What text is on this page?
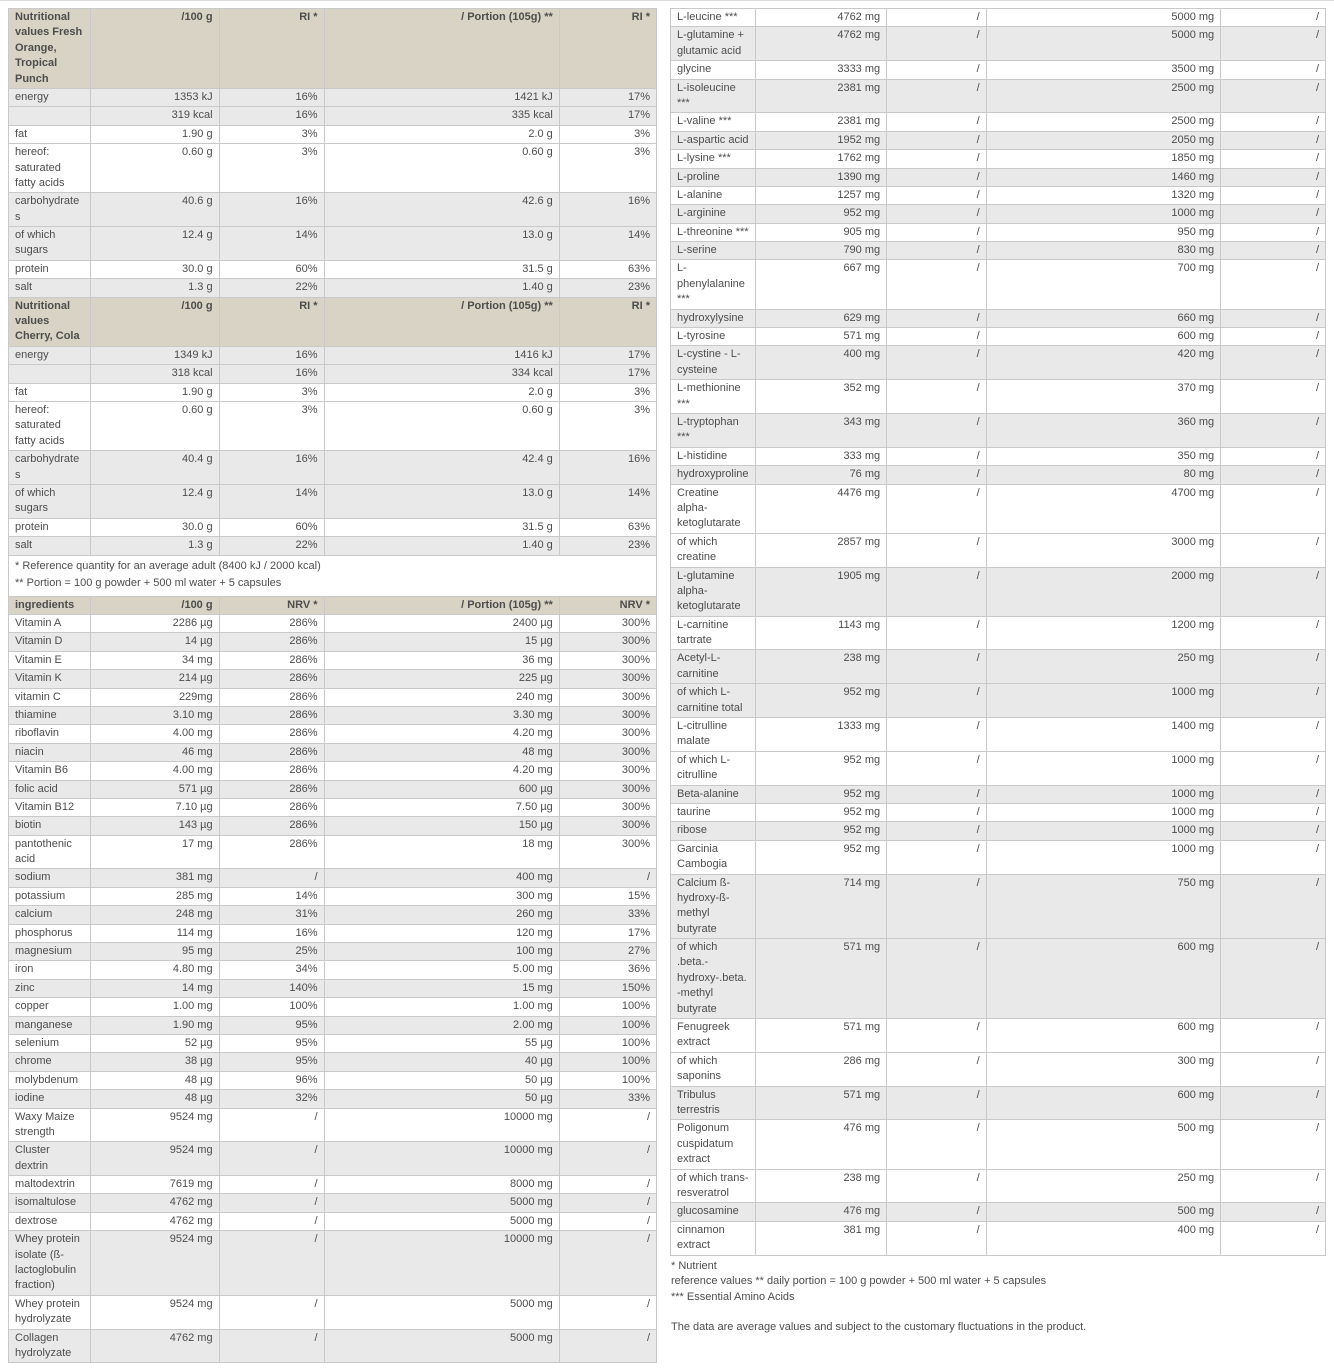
Nutritional values Fresh Orange, Tropical Punch	/100 g	RI *	/ Portion (105g) **	RI *
energy	1353 kJ	16%	1421 kJ	17%
	319 kcal	16%	335 kcal	17%
fat	1.90 g	3%	2.0 g	3%
hereof: saturated fatty acids	0.60 g	3%	0.60 g	3%
carbohydrates	40.6 g	16%	42.6 g	16%
of which sugars	12.4 g	14%	13.0 g	14%
protein	30.0 g	60%	31.5 g	63%
salt	1.3 g	22%	1.40 g	23%
Nutritional values Cherry, Cola	/100 g	RI *	/ Portion (105g) **	RI *
energy	1349 kJ	16%	1416 kJ	17%
	318 kcal	16%	334 kcal	17%
fat	1.90 g	3%	2.0 g	3%
hereof: saturated fatty acids	0.60 g	3%	0.60 g	3%
carbohydrates	40.4 g	16%	42.4 g	16%
of which sugars	12.4 g	14%	13.0 g	14%
protein	30.0 g	60%	31.5 g	63%
salt	1.3 g	22%	1.40 g	23%

* Reference quantity for an average adult (8400 kJ / 2000 kcal)
** Portion = 100 g powder + 500 ml water + 5 capsules				

ingredients	/100 g	NRV *	/ Portion (105g) **	NRV *
Vitamin A	2286 µg	286%	2400 µg	300%
Vitamin D	14 µg	286%	15 µg	300%
Vitamin E	34 mg	286%	36 mg	300%
Vitamin K	214 µg	286%	225 µg	300%
vitamin C	229mg	286%	240 mg	300%
thiamine	3.10 mg	286%	3.30 mg	300%
riboflavin	4.00 mg	286%	4.20 mg	300%
niacin	46 mg	286%	48 mg	300%
Vitamin B6	4.00 mg	286%	4.20 mg	300%
folic acid	571 µg	286%	600 µg	300%
Vitamin B12	7.10 µg	286%	7.50 µg	300%
biotin	143 µg	286%	150 µg	300%
pantothenic acid	17 mg	286%	18 mg	300%
sodium	381 mg	/	400 mg	/
potassium	285 mg	14%	300 mg	15%
calcium	248 mg	31%	260 mg	33%
phosphorus	114 mg	16%	120 mg	17%
magnesium	95 mg	25%	100 mg	27%
iron	4.80 mg	34%	5.00 mg	36%
zinc	14 mg	140%	15 mg	150%
copper	1.00 mg	100%	1.00 mg	100%
manganese	1.90 mg	95%	2.00 mg	100%
selenium	52 µg	95%	55 µg	100%
chrome	38 µg	95%	40 µg	100%
molybdenum	48 µg	96%	50 µg	100%
iodine	48 µg	32%	50 µg	33%
Waxy Maize strength	9524 mg	/	10000 mg	/
Cluster dextrin	9524 mg	/	10000 mg	/
maltodextrin	7619 mg	/	8000 mg	/
isomaltulose	4762 mg	/	5000 mg	/
dextrose	4762 mg	/	5000 mg	/
Whey protein isolate (ß-lactoglobulin fraction)	9524 mg	/	10000 mg	/
Whey protein hydrolyzate	9524 mg	/	5000 mg	/
Collagen hydrolyzate	4762 mg	/	5000 mg	/
L-leucine ***	4762 mg	/	5000 mg	/
L-glutamine + glutamic acid	4762 mg	/	5000 mg	/
glycine	3333 mg	/	3500 mg	/
L-isoleucine ***	2381 mg	/	2500 mg	/
L-valine ***	2381 mg	/	2500 mg	/
L-aspartic acid	1952 mg	/	2050 mg	/
L-lysine ***	1762 mg	/	1850 mg	/
L-proline	1390 mg	/	1460 mg	/
L-alanine	1257 mg	/	1320 mg	/
L-arginine	952 mg	/	1000 mg	/
L-threonine ***	905 mg	/	950 mg	/
L-serine	790 mg	/	830 mg	/
L-phenylalanine ***	667 mg	/	700 mg	/
hydroxylysine	629 mg	/	660 mg	/
L-tyrosine	571 mg	/	600 mg	/
L-cystine - L-cysteine	400 mg	/	420 mg	/
L-methionine ***	352 mg	/	370 mg	/
L-tryptophan ***	343 mg	/	360 mg	/
L-histidine	333 mg	/	350 mg	/
hydroxyproline	76 mg	/	80 mg	/
Creatine alpha-ketoglutarate	4476 mg	/	4700 mg	/
of which creatine	2857 mg	/	3000 mg	/
L-glutamine alpha-ketoglutarate	1905 mg	/	2000 mg	/
L-carnitine tartrate	1143 mg	/	1200 mg	/
Acetyl-L-carnitine	238 mg	/	250 mg	/
of which L-carnitine total	952 mg	/	1000 mg	/
L-citrulline malate	1333 mg	/	1400 mg	/
of which L-citrulline	952 mg	/	1000 mg	/
Beta-alanine	952 mg	/	1000 mg	/
taurine	952 mg	/	1000 mg	/
ribose	952 mg	/	1000 mg	/
Garcinia Cambogia	952 mg	/	1000 mg	/
Calcium ß-hydroxy-ß-methyl butyrate	714 mg	/	750 mg	/
of which .beta.-hydroxy-.beta.-methyl butyrate	571 mg	/	600 mg	/
Fenugreek extract	571 mg	/	600 mg	/
of which saponins	286 mg	/	300 mg	/
Tribulus terrestris	571 mg	/	600 mg	/
Poligonum cuspidatum extract	476 mg	/	500 mg	/
of which trans-resveratrol	238 mg	/	250 mg	/
glucosamine	476 mg	/	500 mg	/
cinnamon extract	381 mg	/	400 mg	/
* Nutrient
reference values ** daily portion = 100 g powder + 500 ml water + 5 capsules
*** Essential Amino Acids
The data are average values and subject to the customary fluctuations in the product.
